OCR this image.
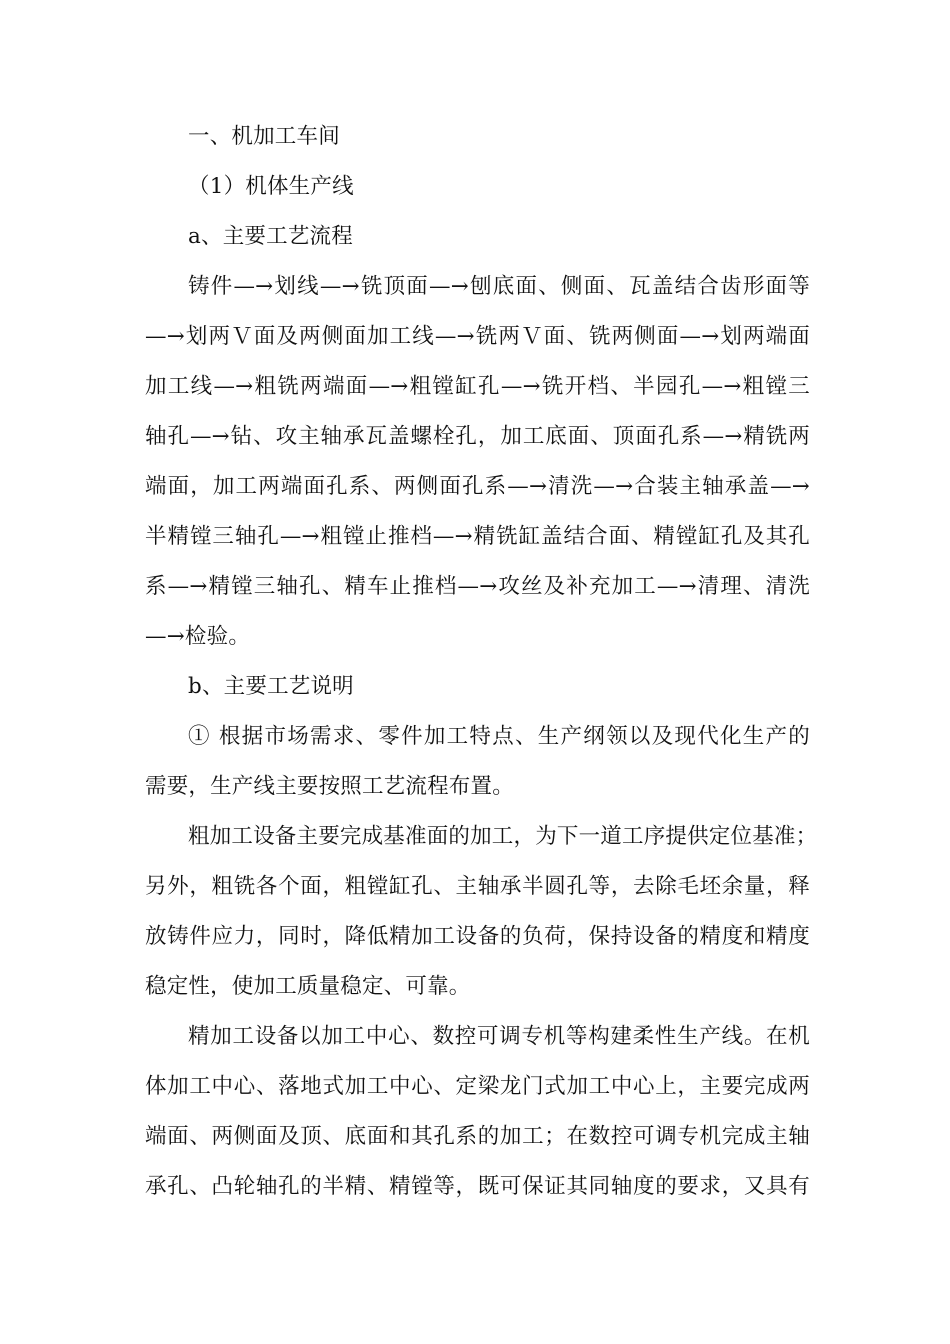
一、机加工车间
（1）机体生产线
a、主要工艺流程
铸件—→划线—→铣顶面—→刨底面、侧面、瓦盖结合齿形面等
—→划两Ｖ面及两侧面加工线—→铣两Ｖ面、铣两侧面—→划两端面
加工线—→粗铣两端面—→粗镗缸孔—→铣开档、半园孔—→粗镗三
轴孔—→钻、攻主轴承瓦盖螺栓孔，加工底面、顶面孔系—→精铣两
端面，加工两端面孔系、两侧面孔系—→清洗—→合装主轴承盖—→
半精镗三轴孔—→粗镗止推档—→精铣缸盖结合面、精镗缸孔及其孔
系—→精镗三轴孔、精车止推档—→攻丝及补充加工—→清理、清洗
—→检验。
b、主要工艺说明
① 根据市场需求、零件加工特点、生产纲领以及现代化生产的
需要，生产线主要按照工艺流程布置。
粗加工设备主要完成基准面的加工，为下一道工序提供定位基准；
另外，粗铣各个面，粗镗缸孔、主轴承半圆孔等，去除毛坯余量，释
放铸件应力，同时，降低精加工设备的负荷，保持设备的精度和精度
稳定性，使加工质量稳定、可靠。
精加工设备以加工中心、数控可调专机等构建柔性生产线。在机
体加工中心、落地式加工中心、定梁龙门式加工中心上，主要完成两
端面、两侧面及顶、底面和其孔系的加工；在数控可调专机完成主轴
承孔、凸轮轴孔的半精、精镗等，既可保证其同轴度的要求，又具有
